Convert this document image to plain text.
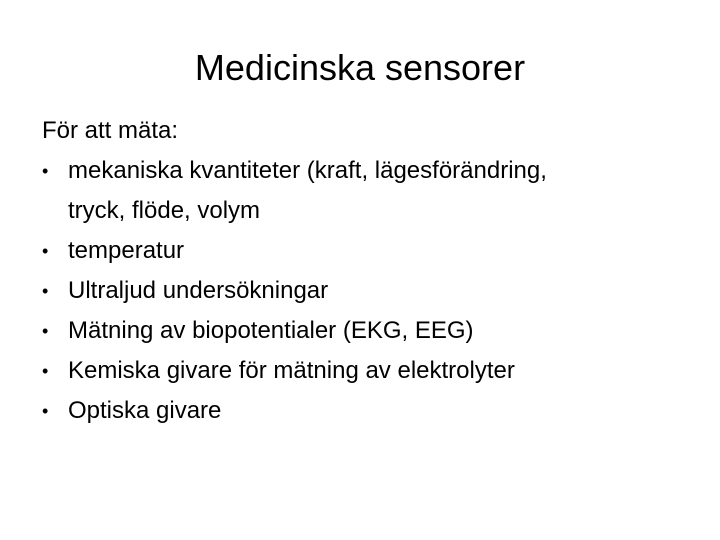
Medicinska sensorer

För att mäta:

• mekaniska kvantiteter (kraft, lägesförändring,
tryck, flöde, volym
• temperatur
• Ultraljud undersökningar
• Mätning av biopotentialer (EKG, EEG)
• Kemiska givare för mätning av elektrolyter
• Optiska givare
